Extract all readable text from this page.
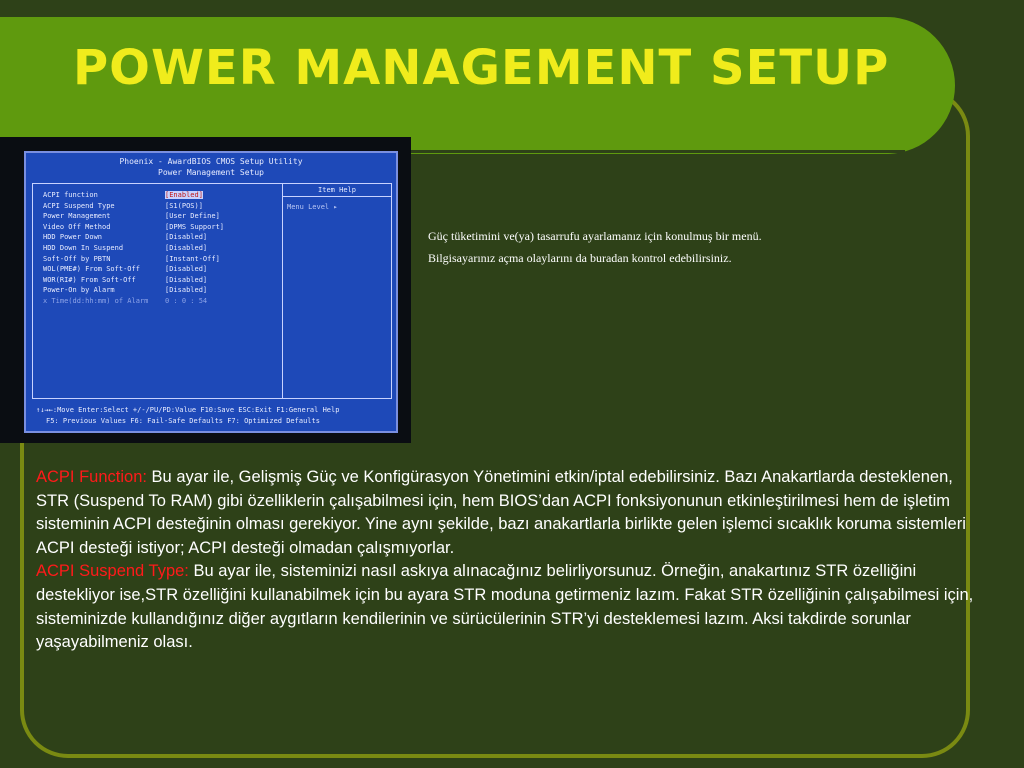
POWER MANAGEMENT SETUP
Phoenix - AwardBIOS CMOS Setup Utility
Power Management Setup
ACPI function	[Enabled]
ACPI Suspend Type	[S1(POS)]
Power Management	[User Define]
Video Off Method	[DPMS Support]
HDD Power Down	[Disabled]
HDD Down In Suspend	[Disabled]
Soft-Off by PBTN	[Instant-Off]
WOL(PME#) From Soft-Off	[Disabled]
WOR(RI#) From Soft-Off	[Disabled]
Power-On by Alarm	[Disabled]
x Time(dd:hh:mm) of Alarm	0 : 0 : 54
Item Help
Menu Level ▸
↑↓→←:Move Enter:Select +/-/PU/PD:Value F10:Save ESC:Exit F1:General Help
F5: Previous Values F6: Fail-Safe Defaults F7: Optimized Defaults

Güç tüketimini ve(ya) tasarrufu ayarlamanız için konulmuş bir menü.

Bilgisayarınız açma olaylarını da buradan kontrol edebilirsiniz.

ACPI Function: Bu ayar ile, Gelişmiş Güç ve Konfigürasyon Yönetimini etkin/iptal edebilirsiniz. Bazı Anakartlarda desteklenen, STR (Suspend To RAM) gibi özelliklerin çalışabilmesi için, hem BIOS’dan ACPI fonksiyonunun etkinleştirilmesi hem de işletim sisteminin ACPI desteğinin olması gerekiyor. Yine aynı şekilde, bazı anakartlarla birlikte gelen işlemci sıcaklık koruma sistemleri ACPI desteği istiyor; ACPI desteği olmadan çalışmıyorlar.

ACPI Suspend Type: Bu ayar ile, sisteminizi nasıl askıya alınacağınız belirliyorsunuz. Örneğin, anakartınız STR özelliğini destekliyor ise,STR özelliğini kullanabilmek için bu ayara STR moduna getirmeniz lazım. Fakat STR özelliğinin çalışabilmesi için, sisteminizde kullandığınız diğer aygıtların kendilerinin ve sürücülerinin STR’yi desteklemesi lazım. Aksi takdirde sorunlar yaşayabilmeniz olası.
